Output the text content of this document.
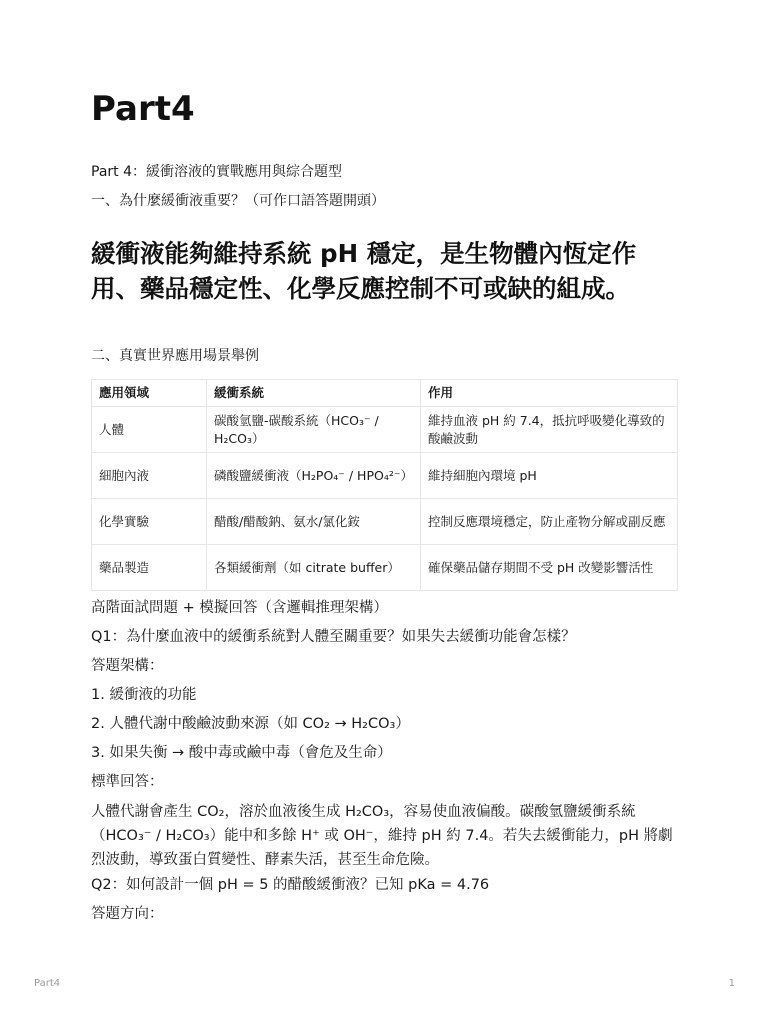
Part4

Part 4：緩衝溶液的實戰應用與綜合題型

一、為什麼緩衝液重要？（可作口語答題開頭）

緩衝液能夠維持系統 pH 穩定，是生物體內恆定作用、藥品穩定性、化學反應控制不可或缺的組成。

二、真實世界應用場景舉例

應用領域	緩衝系統	作用
人體	碳酸氫鹽-碳酸系統（HCO₃⁻ / H₂CO₃）	維持血液 pH 約 7.4，抵抗呼吸變化導致的酸鹼波動
細胞內液	磷酸鹽緩衝液（H₂PO₄⁻ / HPO₄²⁻）	維持細胞內環境 pH
化學實驗	醋酸/醋酸鈉、氨水/氯化銨	控制反應環境穩定，防止產物分解或副反應
藥品製造	各類緩衝劑（如 citrate buffer）	確保藥品儲存期間不受 pH 改變影響活性

高階面試問題 + 模擬回答（含邏輯推理架構）

Q1：為什麼血液中的緩衝系統對人體至關重要？如果失去緩衝功能會怎樣？

答題架構：

1. 緩衝液的功能

2. 人體代謝中酸鹼波動來源（如 CO₂ → H₂CO₃）

3. 如果失衡 → 酸中毒或鹼中毒（會危及生命）

標準回答：

人體代謝會產生 CO₂，溶於血液後生成 H₂CO₃，容易使血液偏酸。碳酸氫鹽緩衝系統（HCO₃⁻ / H₂CO₃）能中和多餘 H⁺ 或 OH⁻，維持 pH 約 7.4。若失去緩衝能力，pH 將劇烈波動，導致蛋白質變性、酵素失活，甚至生命危險。

Q2：如何設計一個 pH = 5 的醋酸緩衝液？已知 pKa = 4.76

答題方向：

Part4	1
